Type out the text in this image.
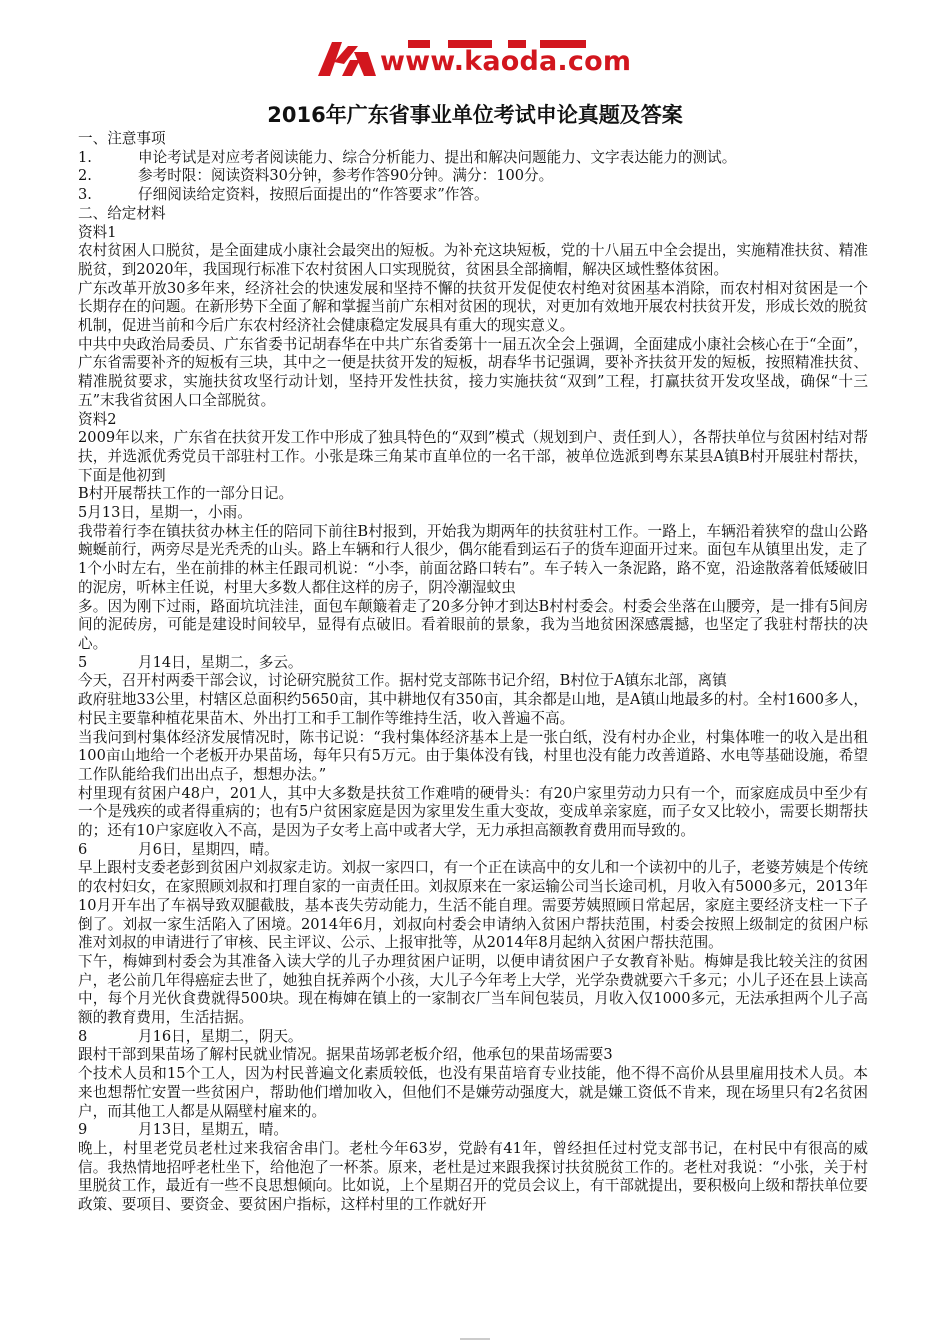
www.kaoda.com
2016年广东省事业单位考试申论真题及答案

一、注意事项

1.	申论考试是对应考者阅读能力、综合分析能力、提出和解决问题能力、文字表达能力的测试。

2.	参考时限：阅读资料30分钟，参考作答90分钟。满分：100分。

3.	仔细阅读给定资料，按照后面提出的“作答要求”作答。

二、给定材料

资料1

农村贫困人口脱贫，是全面建成小康社会最突出的短板。为补充这块短板，党的十八届五中全会提出，实施精准扶贫、精准脱贫，到2020年，我国现行标准下农村贫困人口实现脱贫，贫困县全部摘帽，解决区域性整体贫困。

广东改革开放30多年来，经济社会的快速发展和坚持不懈的扶贫开发促使农村绝对贫困基本消除，而农村相对贫困是一个长期存在的问题。在新形势下全面了解和掌握当前广东相对贫困的现状，对更加有效地开展农村扶贫开发，形成长效的脱贫机制，促进当前和今后广东农村经济社会健康稳定发展具有重大的现实意义。

中共中央政治局委员、广东省委书记胡春华在中共广东省委第十一届五次全会上强调，全面建成小康社会核心在于“全面”，广东省需要补齐的短板有三块，其中之一便是扶贫开发的短板，胡春华书记强调，要补齐扶贫开发的短板，按照精准扶贫、精准脱贫要求，实施扶贫攻坚行动计划，坚持开发性扶贫，接力实施扶贫“双到”工程，打赢扶贫开发攻坚战，确保“十三五”末我省贫困人口全部脱贫。

资料2

2009年以来，广东省在扶贫开发工作中形成了独具特色的“双到”模式（规划到户、责任到人），各帮扶单位与贫困村结对帮扶，并选派优秀党员干部驻村工作。小张是珠三角某市直单位的一名干部，被单位选派到粤东某县A镇B村开展驻村帮扶，下面是他初到

B村开展帮扶工作的一部分日记。

5月13日，星期一，小雨。

我带着行李在镇扶贫办林主任的陪同下前往B村报到，开始我为期两年的扶贫驻村工作。一路上，车辆沿着狭窄的盘山公路蜿蜒前行，两旁尽是光秃秃的山头。路上车辆和行人很少，偶尔能看到运石子的货车迎面开过来。面包车从镇里出发，走了1个小时左右，坐在前排的林主任跟司机说：“小李，前面岔路口转右”。车子转入一条泥路，路不宽，沿途散落着低矮破旧的泥房，听林主任说，村里大多数人都住这样的房子，阴冷潮湿蚊虫

多。因为刚下过雨，路面坑坑洼洼，面包车颠簸着走了20多分钟才到达B村村委会。村委会坐落在山腰旁，是一排有5间房间的泥砖房，可能是建设时间较早，显得有点破旧。看着眼前的景象，我为当地贫困深感震撼，也坚定了我驻村帮扶的决心。

5	月14日，星期二，多云。

今天，召开村两委干部会议，讨论研究脱贫工作。据村党支部陈书记介绍，B村位于A镇东北部，离镇

政府驻地33公里，村辖区总面积约5650亩，其中耕地仅有350亩，其余都是山地，是A镇山地最多的村。全村1600多人，村民主要靠种植花果苗木、外出打工和手工制作等维持生活，收入普遍不高。

当我问到村集体经济发展情况时，陈书记说：“我村集体经济基本上是一张白纸，没有村办企业，村集体唯一的收入是出租100亩山地给一个老板开办果苗场，每年只有5万元。由于集体没有钱，村里也没有能力改善道路、水电等基础设施，希望工作队能给我们出出点子，想想办法。”

村里现有贫困户48户，201人，其中大多数是扶贫工作难啃的硬骨头：有20户家里劳动力只有一个，而家庭成员中至少有一个是残疾的或者得重病的；也有5户贫困家庭是因为家里发生重大变故，变成单亲家庭，而子女又比较小，需要长期帮扶的；还有10户家庭收入不高，是因为子女考上高中或者大学，无力承担高额教育费用而导致的。

6	月6日，星期四，晴。

早上跟村支委老彭到贫困户刘叔家走访。刘叔一家四口，有一个正在读高中的女儿和一个读初中的儿子，老婆芳姨是个传统的农村妇女，在家照顾刘叔和打理自家的一亩责任田。刘叔原来在一家运输公司当长途司机，月收入有5000多元，2013年10月开车出了车祸导致双腿截肢，基本丧失劳动能力，生活不能自理。需要芳姨照顾日常起居，家庭主要经济支柱一下子倒了。刘叔一家生活陷入了困境。2014年6月，刘叔向村委会申请纳入贫困户帮扶范围，村委会按照上级制定的贫困户标准对刘叔的申请进行了审核、民主评议、公示、上报审批等，从2014年8月起纳入贫困户帮扶范围。

下午，梅婶到村委会为其准备入读大学的儿子办理贫困户证明，以便申请贫困户子女教育补贴。梅婶是我比较关注的贫困户，老公前几年得癌症去世了，她独自抚养两个小孩，大儿子今年考上大学，光学杂费就要六千多元；小儿子还在县上读高中，每个月光伙食费就得500块。现在梅婶在镇上的一家制衣厂当车间包装员，月收入仅1000多元，无法承担两个儿子高额的教育费用，生活拮据。

8	月16日，星期二，阴天。

跟村干部到果苗场了解村民就业情况。据果苗场郭老板介绍，他承包的果苗场需要3

个技术人员和15个工人，因为村民普遍文化素质较低，也没有果苗培育专业技能，他不得不高价从县里雇用技术人员。本来也想帮忙安置一些贫困户，帮助他们增加收入，但他们不是嫌劳动强度大，就是嫌工资低不肯来，现在场里只有2名贫困户，而其他工人都是从隔壁村雇来的。

9	月13日，星期五，晴。

晚上，村里老党员老杜过来我宿舍串门。老杜今年63岁，党龄有41年，曾经担任过村党支部书记，在村民中有很高的威信。我热情地招呼老杜坐下，给他泡了一杯茶。原来，老杜是过来跟我探讨扶贫脱贫工作的。老杜对我说：“小张，关于村里脱贫工作，最近有一些不良思想倾向。比如说，上个星期召开的党员会议上，有干部就提出，要积极向上级和帮扶单位要政策、要项目、要资金、要贫困户指标，这样村里的工作就好开
